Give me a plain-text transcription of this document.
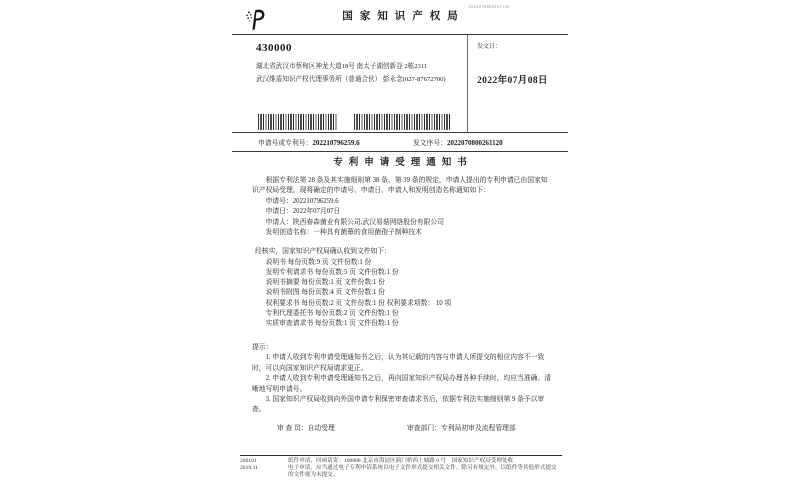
2022070800261120
国家知识产权局
430000
湖北省武汉市蔡甸区神龙大道18号 南太子湖创新谷 2栋2311
武汉维盾知识产权代理事务所（普通合伙） 彭永念(027-87672700)
发文日：
2022年07月08日
申请号或专利号：202210796259.6	发文序号：2022070800261120
专利申请受理通知书

根据专利法第 28 条及其实施细则第 38 条、第 39 条的规定，申请人提出的专利申请已由国家知识产权局受理。现将确定的申请号、申请日、申请人和发明创造名称通知如下：

申请号：202210796259.6
申请日：2022年07月07日
申请人：陕西春森菌业有限公司,武汉易菇网络股份有限公司
发明创造名称：一种具有菌幕的食用菌孢子制种技术
经核实，国家知识产权局确认收到文件如下：
说明书 每份页数:9 页 文件份数:1 份
发明专利请求书 每份页数:5 页 文件份数:1 份
说明书摘要 每份页数:1 页 文件份数:1 份
说明书附图 每份页数:4 页 文件份数:1 份
权利要求书 每份页数:2 页 文件份数:1 份 权利要求项数： 10 项
专利代理委托书 每份页数:2 页 文件份数:1 份
实质审查请求书 每份页数:1 页 文件份数:1 份
提示：

1. 申请人收到专利申请受理通知书之后，认为其记载的内容与申请人所提交的相应内容不一致时，可以向国家知识产权局请求更正。

2. 申请人收到专利申请受理通知书之后，再向国家知识产权局办理各种手续时，均应当准确、清晰地写明申请号。

3. 国家知识产权局收到向外国申请专利保密审查请求书后，依据专利法实施细则第 9 条予以审查。

审 查 员：自动受理	审查部门：专利局初审及流程管理部
200101	纸件申请，回函请寄：100088 北京市海淀区蓟门桥西土城路 6 号　国家知识产权局受理处收
2019.11	电子申请，应当通过电子专利申请系统以电子文件形式提交相关文件。除另有规定外，以纸件等其他形式提交的文件视为未提交。
